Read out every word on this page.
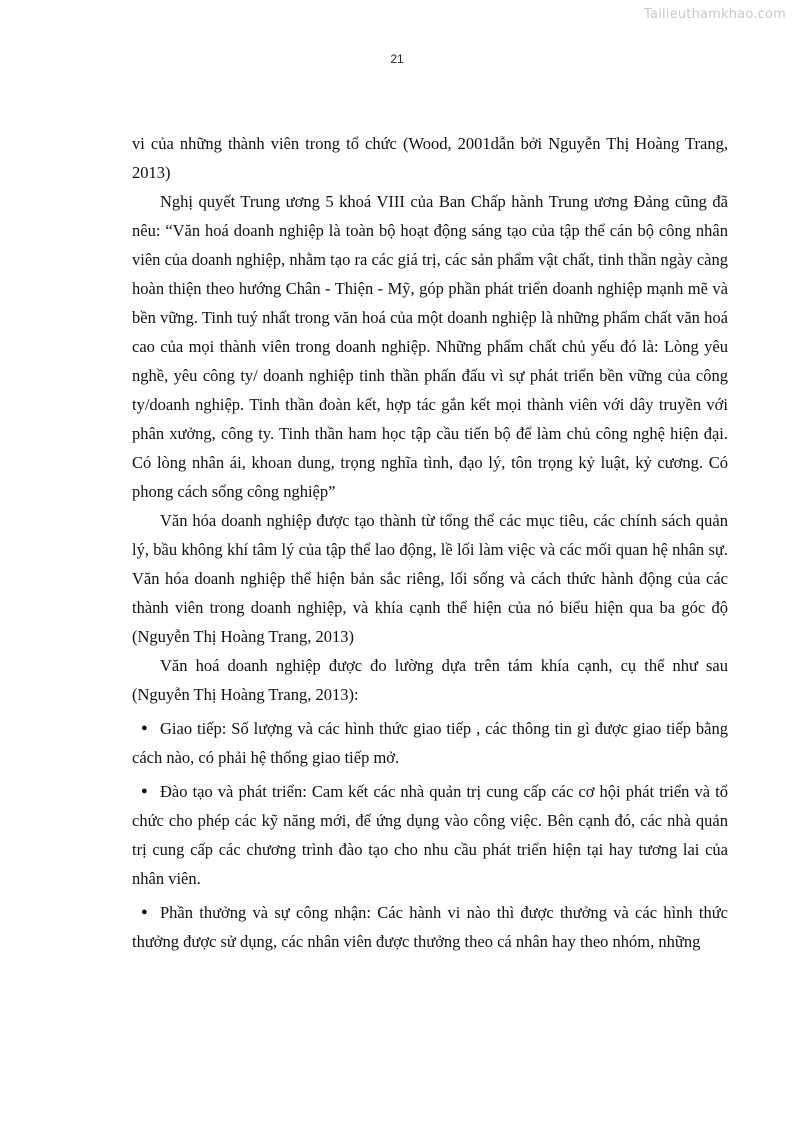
Tailieuthamkhao.com
21

vi của những thành viên trong tổ chức (Wood, 2001dẫn bởi Nguyễn Thị Hoàng Trang, 2013)

Nghị quyết Trung ương 5 khoá VIII của Ban Chấp hành Trung ương Đảng cũng đã nêu: “Văn hoá doanh nghiệp là toàn bộ hoạt động sáng tạo của tập thể cán bộ công nhân viên của doanh nghiệp, nhằm tạo ra các giá trị, các sản phẩm vật chất, tinh thần ngày càng hoàn thiện theo hướng Chân - Thiện - Mỹ, góp phần phát triển doanh nghiệp mạnh mẽ và bền vững. Tinh tuý nhất trong văn hoá của một doanh nghiệp là những phẩm chất văn hoá cao của mọi thành viên trong doanh nghiệp. Những phẩm chất chủ yếu đó là: Lòng yêu nghề, yêu công ty/ doanh nghiệp tinh thần phấn đấu vì sự phát triển bền vững của công ty/doanh nghiệp. Tinh thần đoàn kết, hợp tác gắn kết mọi thành viên với dây truyền với phân xưởng, công ty. Tinh thần ham học tập cầu tiến bộ để làm chủ công nghệ hiện đại. Có lòng nhân ái, khoan dung, trọng nghĩa tình, đạo lý, tôn trọng kỷ luật, kỷ cương. Có phong cách sống công nghiệp”

Văn hóa doanh nghiệp được tạo thành từ tổng thể các mục tiêu, các chính sách quản lý, bầu không khí tâm lý của tập thể lao động, lề lối làm việc và các mối quan hệ nhân sự. Văn hóa doanh nghiệp thể hiện bản sắc riêng, lối sống và cách thức hành động của các thành viên trong doanh nghiệp, và khía cạnh thể hiện của nó biểu hiện qua ba góc độ (Nguyễn Thị Hoàng Trang, 2013)

Văn hoá doanh nghiệp được đo lường dựa trên tám khía cạnh, cụ thể như sau (Nguyễn Thị Hoàng Trang, 2013):

● Giao tiếp: Số lượng và các hình thức giao tiếp , các thông tin gì được giao tiếp bằng cách nào, có phải hệ thống giao tiếp mở.

● Đào tạo và phát triển: Cam kết các nhà quản trị cung cấp các cơ hội phát triển và tổ chức cho phép các kỹ năng mới, để ứng dụng vào công việc. Bên cạnh đó, các nhà quản trị cung cấp các chương trình đào tạo cho nhu cầu phát triển hiện tại hay tương lai của nhân viên.

● Phần thưởng và sự công nhận: Các hành vi nào thì được thưởng và các hình thức thưởng được sử dụng, các nhân viên được thưởng theo cá nhân hay theo nhóm, những
